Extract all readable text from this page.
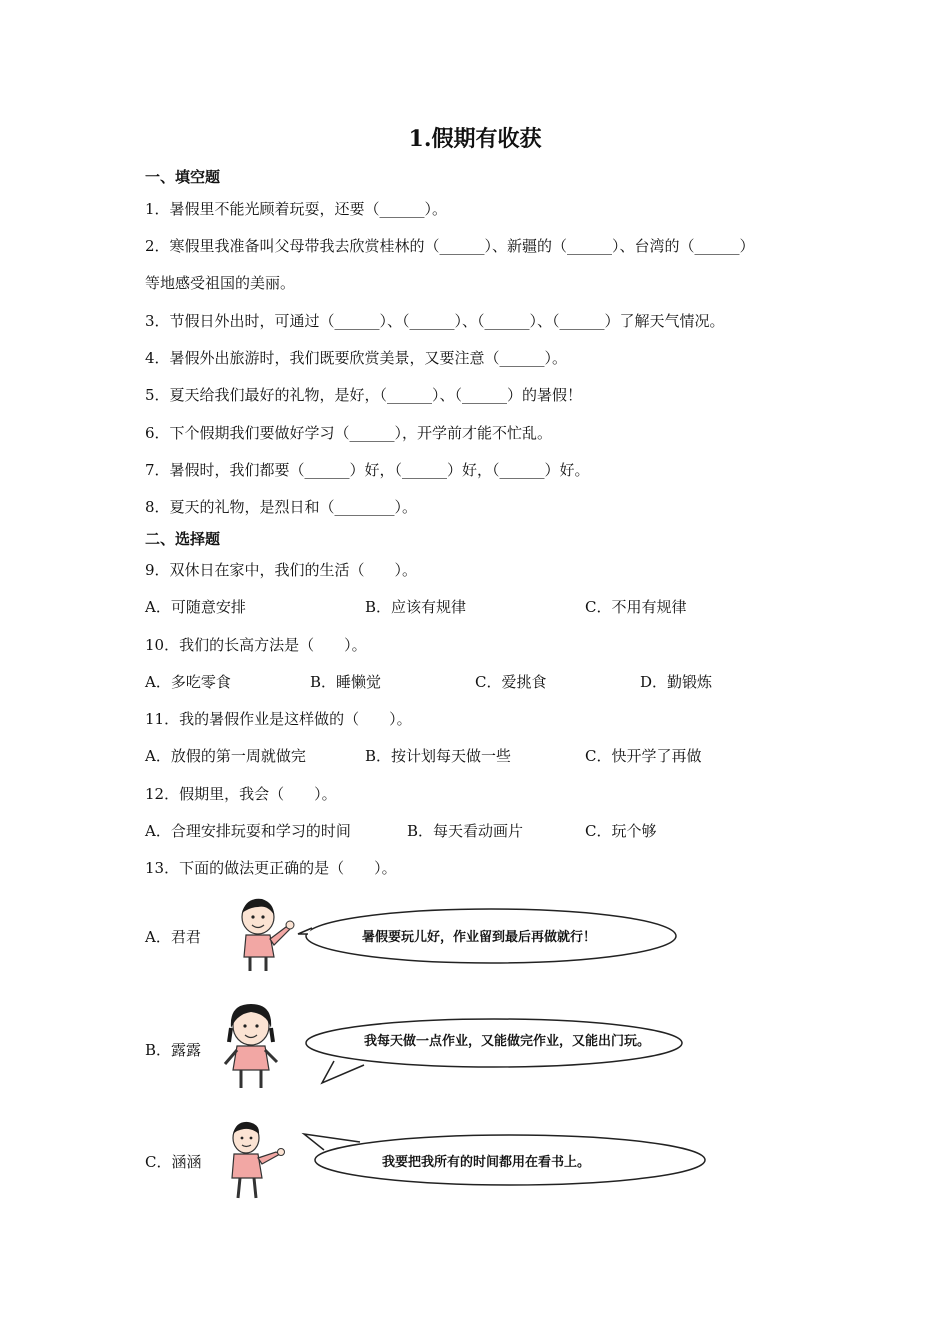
1.假期有收获
一、填空题
1．暑假里不能光顾着玩耍，还要（______）。
2．寒假里我准备叫父母带我去欣赏桂林的（______）、新疆的（______）、台湾的（______）
等地感受祖国的美丽。
3．节假日外出时，可通过（______）、（______）、（______）、（______）了解天气情况。
4．暑假外出旅游时，我们既要欣赏美景，又要注意（______）。
5．夏天给我们最好的礼物，是好，（______）、（______）的暑假！
6．下个假期我们要做好学习（______），开学前才能不忙乱。
7．暑假时，我们都要（______）好，（______）好，（______）好。
8．夏天的礼物，是烈日和（________）。
二、选择题
9．双休日在家中，我们的生活（　　）。
A．可随意安排	B．应该有规律	C．不用有规律
10．我们的长高方法是（　　）。
A．多吃零食	B．睡懒觉	C．爱挑食	D．勤锻炼
11．我的暑假作业是这样做的（　　）。
A．放假的第一周就做完	B．按计划每天做一些	C．快开学了再做
12．假期里，我会（　　）。
A．合理安排玩耍和学习的时间	B．每天看动画片	C．玩个够
13．下面的做法更正确的是（　　）。
A．君君	暑假要玩儿好，作业留到最后再做就行！
B．露露	我每天做一点作业，又能做完作业，又能出门玩。
C．涵涵	我要把我所有的时间都用在看书上。
